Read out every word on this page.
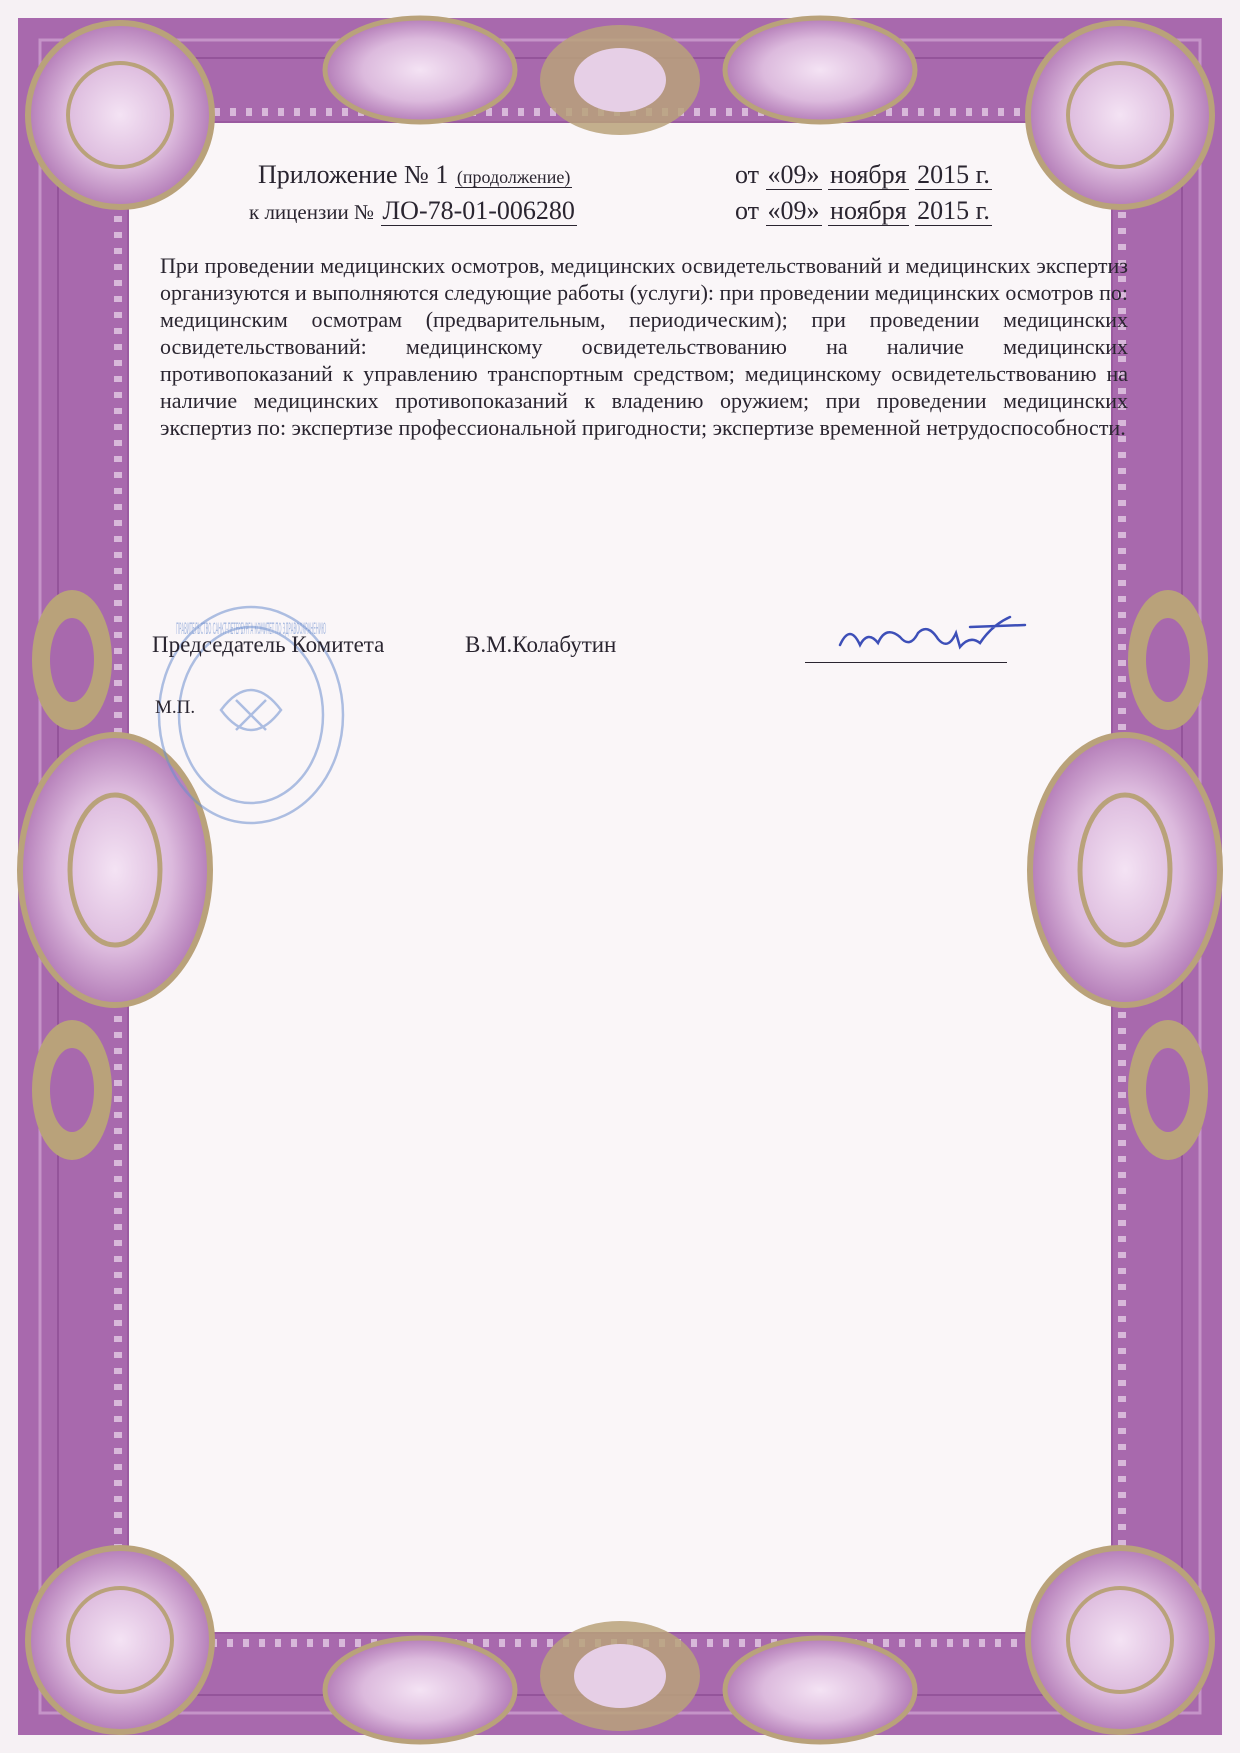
Приложение № 1 (продолжение)	от «09» ноября 2015 г.
к лицензии № ЛО-78-01-006280	от «09» ноября 2015 г.

При проведении медицинских осмотров, медицинских освидетельствований и медицинских экспертиз организуются и выполняются следующие работы (услуги): при проведении медицинских осмотров по: медицинским осмотрам (предварительным, периодическим); при проведении медицинских освидетельствований: медицинскому освидетельствованию на наличие медицинских противопоказаний к управлению транспортным средством; медицинскому освидетельствованию на наличие медицинских противопоказаний к владению оружием; при проведении медицинских экспертиз по: экспертизе профессиональной пригодности; экспертизе временной нетрудоспособности.

ПРАВИТЕЛЬСТВО САНКТ-ПЕТЕРБУРГА КОМИТЕТ ПО ЗДРАВООХРАНЕНИЮ
Председатель Комитета	В.М.Колабутин
М.П.
